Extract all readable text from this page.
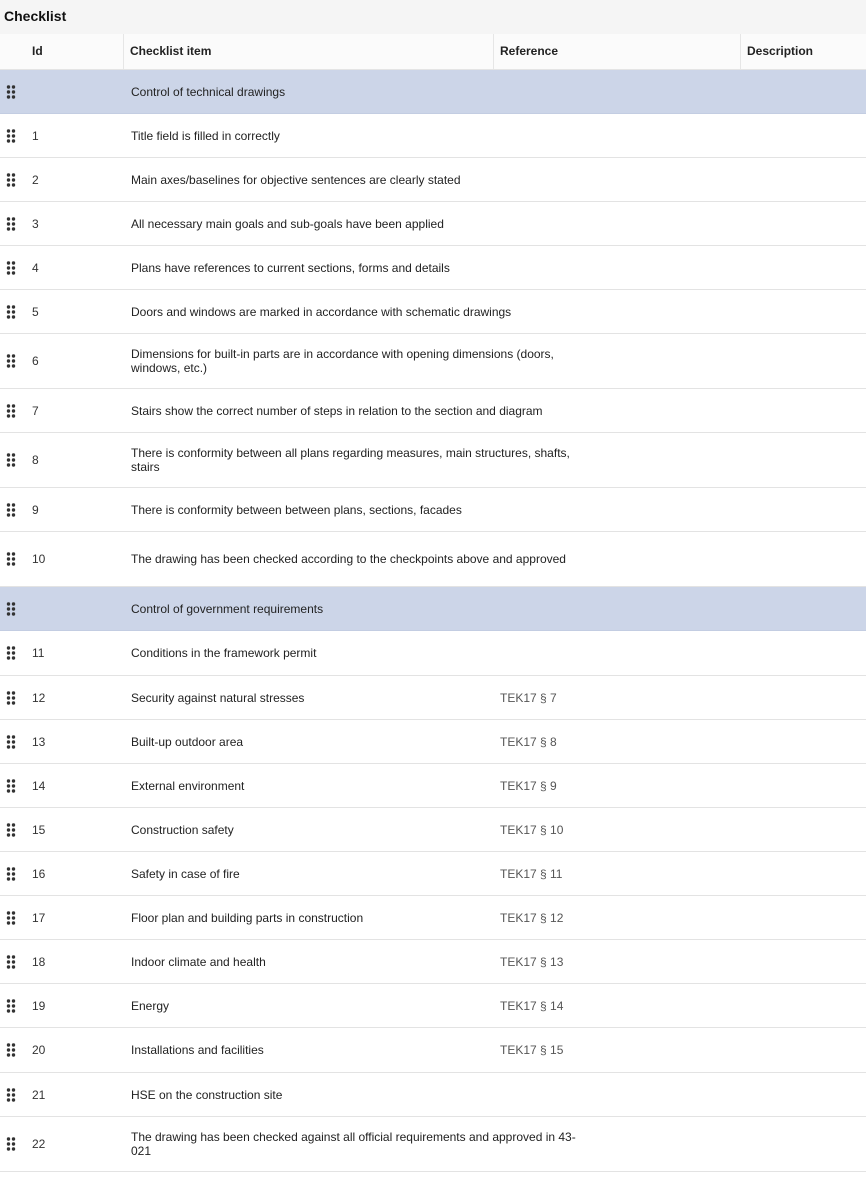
Checklist
Id	Checklist item	Reference	Description
Control of technical drawings
1	Title field is filled in correctly
2	Main axes/baselines for objective sentences are clearly stated
3	All necessary main goals and sub-goals have been applied
4	Plans have references to current sections, forms and details
5	Doors and windows are marked in accordance with schematic drawings
6	Dimensions for built-in parts are in accordance with opening dimensions (doors, windows, etc.)
7	Stairs show the correct number of steps in relation to the section and diagram
8	There is conformity between all plans regarding measures, main structures, shafts, stairs
9	There is conformity between between plans, sections, facades
10	The drawing has been checked according to the checkpoints above and approved
Control of government requirements
11	Conditions in the framework permit
12	Security against natural stresses	TEK17 § 7
13	Built-up outdoor area	TEK17 § 8
14	External environment	TEK17 § 9
15	Construction safety	TEK17 § 10
16	Safety in case of fire	TEK17 § 11
17	Floor plan and building parts in construction	TEK17 § 12
18	Indoor climate and health	TEK17 § 13
19	Energy	TEK17 § 14
20	Installations and facilities	TEK17 § 15
21	HSE on the construction site
22	The drawing has been checked against all official requirements and approved in 43-021
